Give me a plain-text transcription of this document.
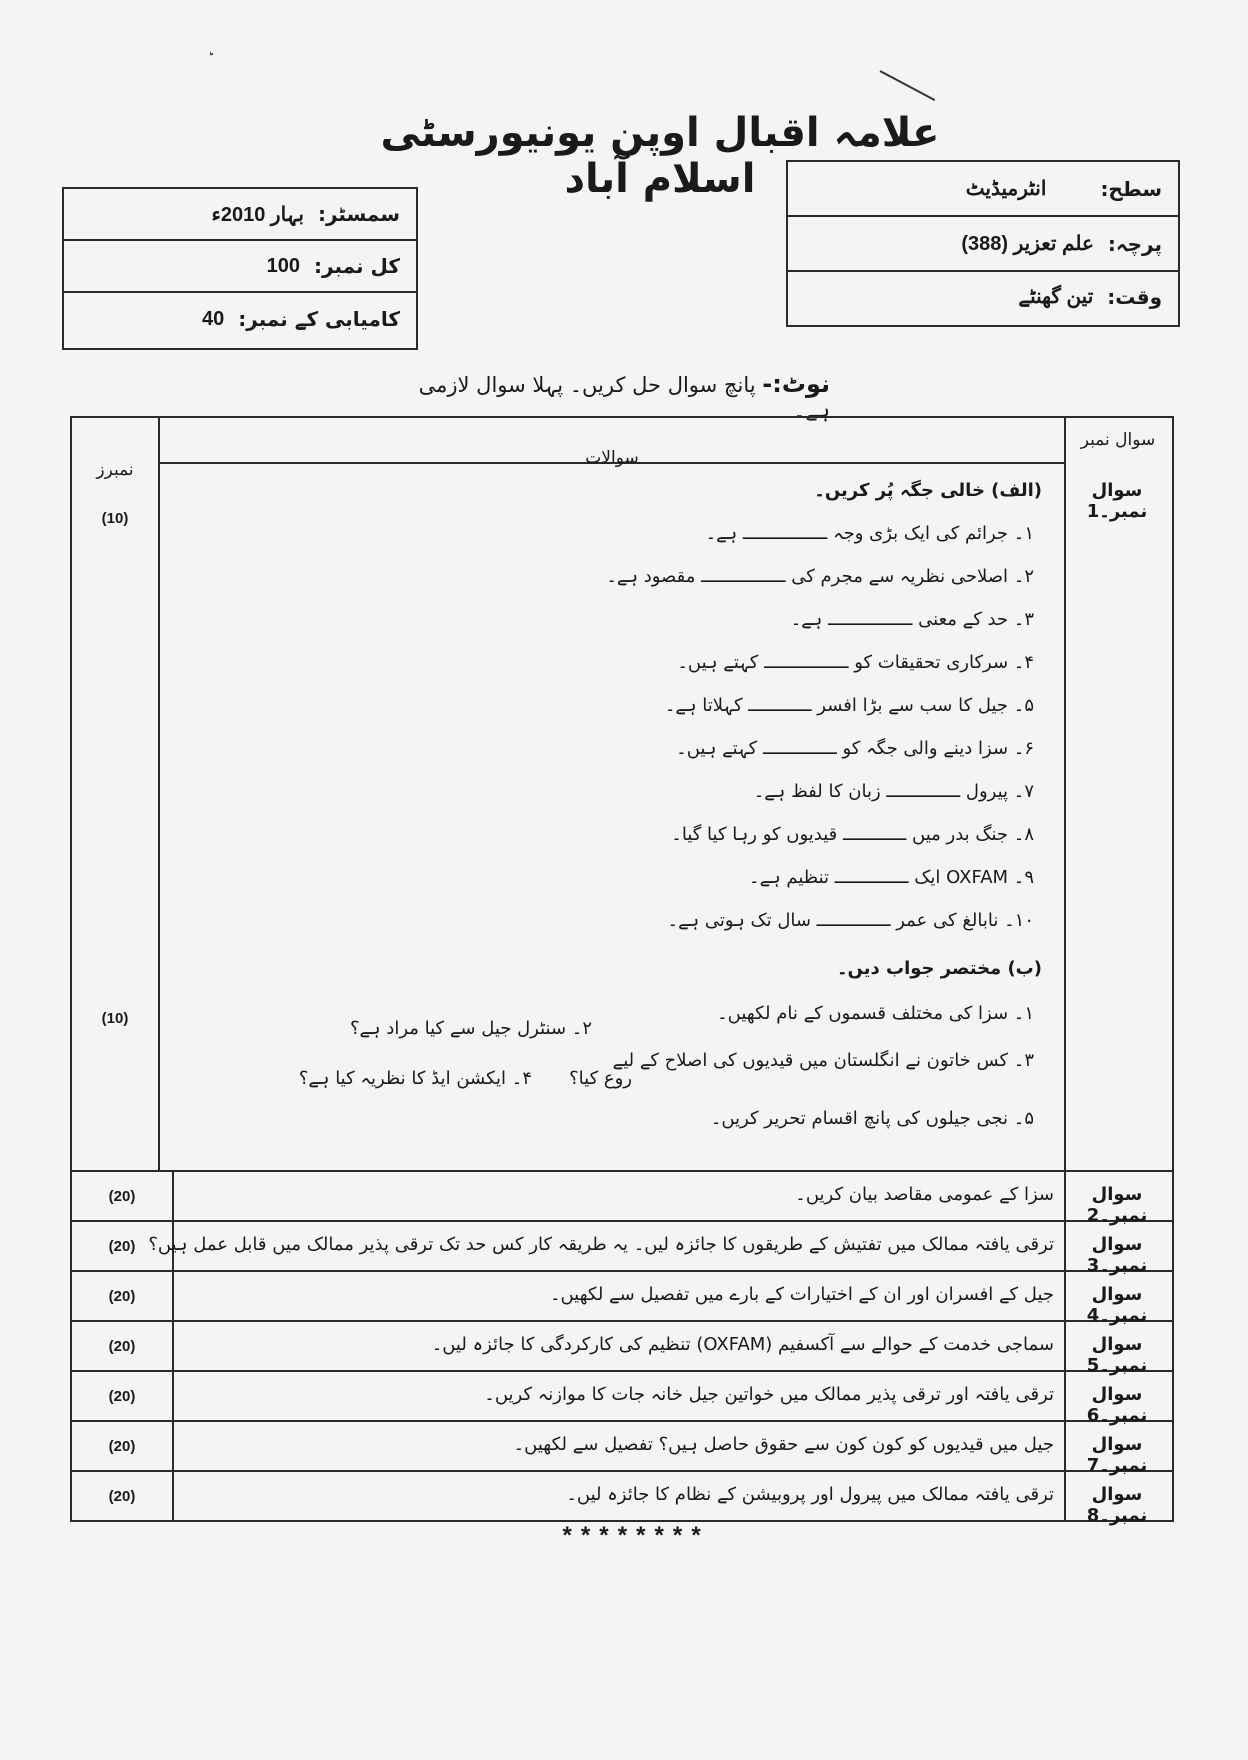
علامہ اقبال اوپن یونیورسٹی اسلام آباد
سمسٹر:
بہار 2010ء
کل نمبر:
100
کامیابی کے نمبر:
40
سطح:
انٹرمیڈیٹ
پرچہ:
علم تعزیر (388)
وقت:
تین گھنٹے
نوٹ:- پانچ سوال حل کریں۔ پہلا سوال لازمی ہے۔
سوال نمبر
سوالات
نمبرز
سوال نمبر۔1
(10)
(10)
(الف) خالی جگہ پُر کریں۔
۱۔ جرائم کی ایک بڑی وجہ ــــــــــــــــ ہے۔
۲۔ اصلاحی نظریہ سے مجرم کی ــــــــــــــــ مقصود ہے۔
۳۔ حد کے معنی ــــــــــــــــ ہے۔
۴۔ سرکاری تحقیقات کو ــــــــــــــــ کہتے ہیں۔
۵۔ جیل کا سب سے بڑا افسر ــــــــــــ کہلاتا ہے۔
۶۔ سزا دینے والی جگہ کو ــــــــــــــ کہتے ہیں۔
۷۔ پیرول ــــــــــــــ زبان کا لفظ ہے۔
۸۔ جنگ بدر میں ــــــــــــ قیدیوں کو رہا کیا گیا۔
۹۔ OXFAM ایک ــــــــــــــ تنظیم ہے۔
۱۰۔ نابالغ کی عمر ــــــــــــــ سال تک ہوتی ہے۔
(ب) مختصر جواب دیں۔
۱۔ سزا کی مختلف قسموں کے نام لکھیں۔
۲۔ سنٹرل جیل سے کیا مراد ہے؟
۳۔ کس خاتون نے انگلستان میں قیدیوں کی اصلاح کے لیے
روع کیا؟
۴۔ ایکشن ایڈ کا نظریہ کیا ہے؟
۵۔ نجی جیلوں کی پانچ اقسام تحریر کریں۔
سوال نمبر۔2
سزا کے عمومی مقاصد بیان کریں۔
(20)
سوال نمبر۔3
ترقی یافتہ ممالک میں تفتیش کے طریقوں کا جائزہ لیں۔ یہ طریقہ کار کس حد تک ترقی پذیر ممالک میں قابل عمل ہیں؟
(20)
سوال نمبر۔4
جیل کے افسران اور ان کے اختیارات کے بارے میں تفصیل سے لکھیں۔
(20)
سوال نمبر۔5
سماجی خدمت کے حوالے سے آکسفیم (OXFAM) تنظیم کی کارکردگی کا جائزہ لیں۔
(20)
سوال نمبر۔6
ترقی یافتہ اور ترقی پذیر ممالک میں خواتین جیل خانہ جات کا موازنہ کریں۔
(20)
سوال نمبر۔7
جیل میں قیدیوں کو کون کون سے حقوق حاصل ہیں؟ تفصیل سے لکھیں۔
(20)
سوال نمبر۔8
ترقی یافتہ ممالک میں پیرول اور پروبیشن کے نظام کا جائزہ لیں۔
(20)
********
